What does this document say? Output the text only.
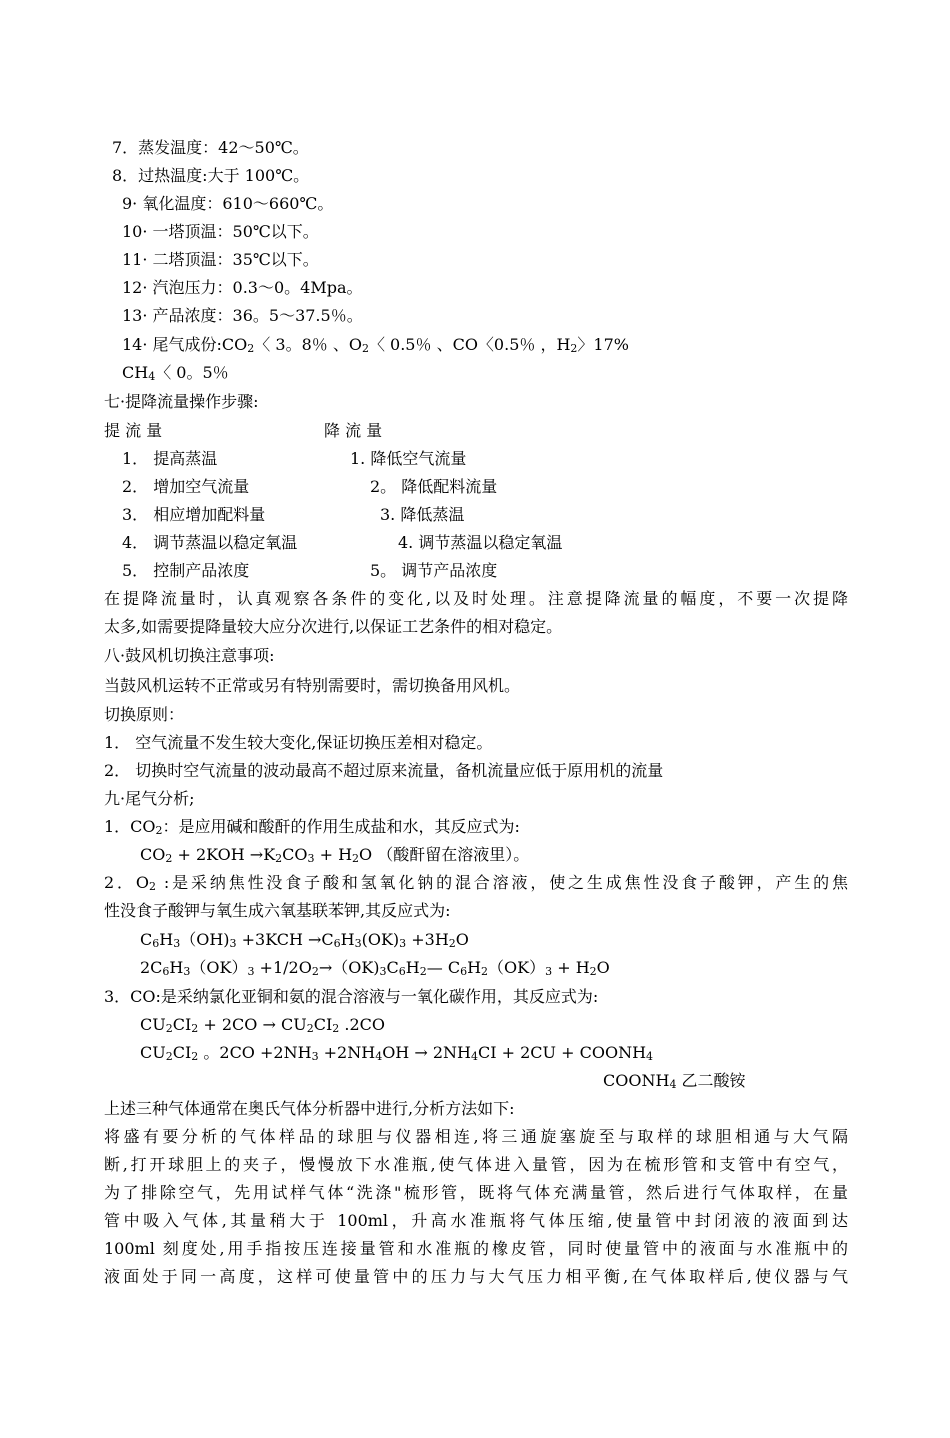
7．蒸发温度：42～50℃。
8．过热温度:大于 100℃。
9· 氧化温度：610～660℃。
10· 一塔顶温：50℃以下。
11· 二塔顶温：35℃以下。
12· 汽泡压力：0.3～0。4Mpa。
13· 产品浓度：36。5～37.5％。
14· 尾气成份$:CO_2$〈 3。8％ 、$O_2$〈 0.5％ 、CO〈0.5％ ，$H_2$〉17%
$CH_4$〈 0。5％
七·提降流量操作步骤:
提 流 量	降 流 量
1． 提高蒸温	1. 降低空气流量
2． 增加空气流量	2。 降低配料流量
3． 相应增加配料量	3. 降低蒸温
4． 调节蒸温以稳定氧温	4. 调节蒸温以稳定氧温
5． 控制产品浓度	5。 调节产品浓度
在提降流量时，认真观察各条件的变化,以及时处理。注意提降流量的幅度，不要一次提降
太多,如需要提降量较大应分次进行,以保证工艺条件的相对稳定。
八·鼓风机切换注意事项:
当鼓风机运转不正常或另有特别需要时，需切换备用风机。
切换原则：
1． 空气流量不发生较大变化,保证切换压差相对稳定。
2． 切换时空气流量的波动最高不超过原来流量，备机流量应低于原用机的流量
九·尾气分析;
1．$CO_2$：是应用碱和酸酐的作用生成盐和水，其反应式为:
$CO_2 + 2KOH \to K_2CO_3 + H_2O$ （酸酐留在溶液里）。
2．$O_2$ :是采纳焦性没食子酸和氢氧化钠的混合溶液，使之生成焦性没食子酸钾，产生的焦
性没食子酸钾与氧生成六氧基联苯钾,其反应式为:
$C_6H_3(OH)_3 +3KCH \to C_6H_3(OK)_3 +3H_2O$
$2C_6H_3(OK)_3$ $+1/2O_2\to(OK)_3C_6H_2—$ $C_6H_2(OK)_3 + H_2O$
3．CO:是采纳氯化亚铜和氨的混合溶液与一氧化碳作用，其反应式为:
$CU_2CI_2 + 2CO \to CU_2CI_2$ .2CO
$CU_2CI_2$ 。$2CO +2NH_3 +2NH_4OH \to 2NH_4CI + 2CU$ + $COONH_4$
$COONH_4$ 乙二酸铵
上述三种气体通常在奥氏气体分析器中进行,分析方法如下:
将盛有要分析的气体样品的球胆与仪器相连,将三通旋塞旋至与取样的球胆相通与大气隔
断,打开球胆上的夹子，慢慢放下水准瓶,使气体进入量管，因为在梳形管和支管中有空气，
为了排除空气，先用试样气体“洗涤"梳形管，既将气体充满量管，然后进行气体取样，在量
管中吸入气体,其量稍大于 100ml，升高水准瓶将气体压缩,使量管中封闭液的液面到达
100ml 刻度处,用手指按压连接量管和水准瓶的橡皮管，同时使量管中的液面与水准瓶中的
液面处于同一高度，这样可使量管中的压力与大气压力相平衡,在气体取样后,使仪器与气
